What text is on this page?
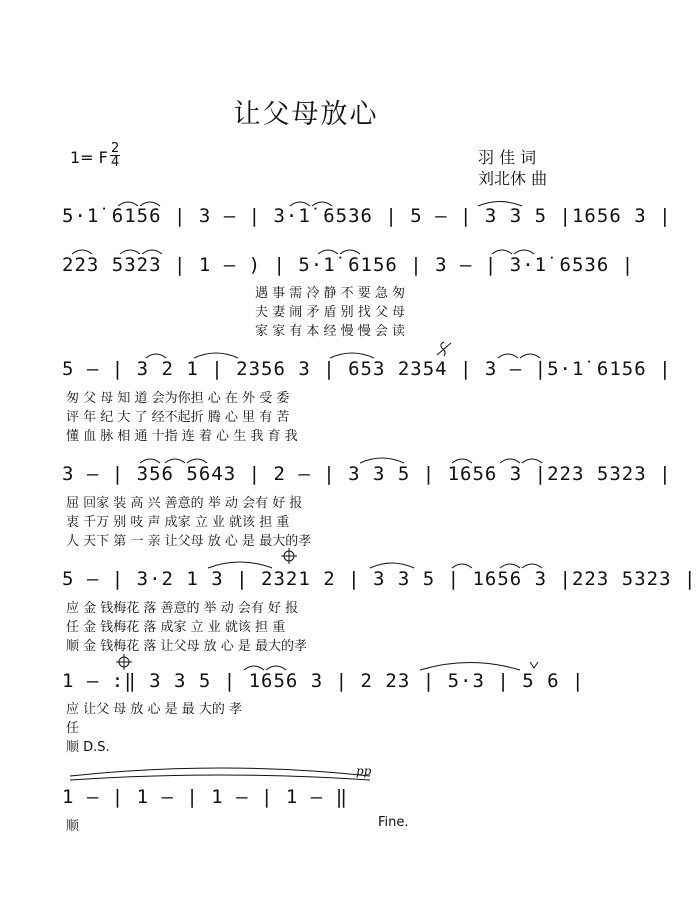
让父母放心
1= F 2
4	羽 佳 词
刘北休 曲
5·1̇ 6156 | 3 – | 3·1̇ 6536 | 5 – | 3 3 5 |1656 3 |
223 5323 | 1 – ) | 5·1̇ 6156 | 3 – | 3·1̇ 6536 |
遇 事 需 冷 静 不 要 急 匆
夫 妻 闹 矛 盾 别 找 父 母
家 家 有 本 经 慢 慢 会 读
5 – | 3 2 1 | 2356 3 | 653 2354 | 3 – |5·1̇ 6156 |
匆 父 母 知 道 会为你担 心 在 外 受 委
评 年 纪 大 了 经不起折 腾 心 里 有 苦
懂 血 脉 相 通 十指 连 着 心 生 我 育 我
3 – | 356 5643 | 2 – | 3 3 5 | 1656 3 |223 5323 |
屈 回家 装 高 兴 善意的 举 动 会有 好 报
衷 千万 别 吱 声 成家 立 业 就该 担 重
人 天下 第 一 亲 让父母 放 心 是 最大的孝
5 – | 3·2 1 3 | 2321 2 | 3 3 5 | 1656 3 |223 5323 |
应 金 钱梅花 落 善意的 举 动 会有 好 报
任 金 钱梅花 落 成家 立 业 就该 担 重
顺 金 钱梅花 落 让父母 放 心 是 最大的孝
1 – :‖ 3 3 5 | 1656 3 | 2 23 | 5·3 | 5 6 |
应 让父 母 放 心 是 最 大的 孝
任
顺 D.S.
1 – | 1 – | 1 – | 1 – ‖
pp
顺	Fine.
